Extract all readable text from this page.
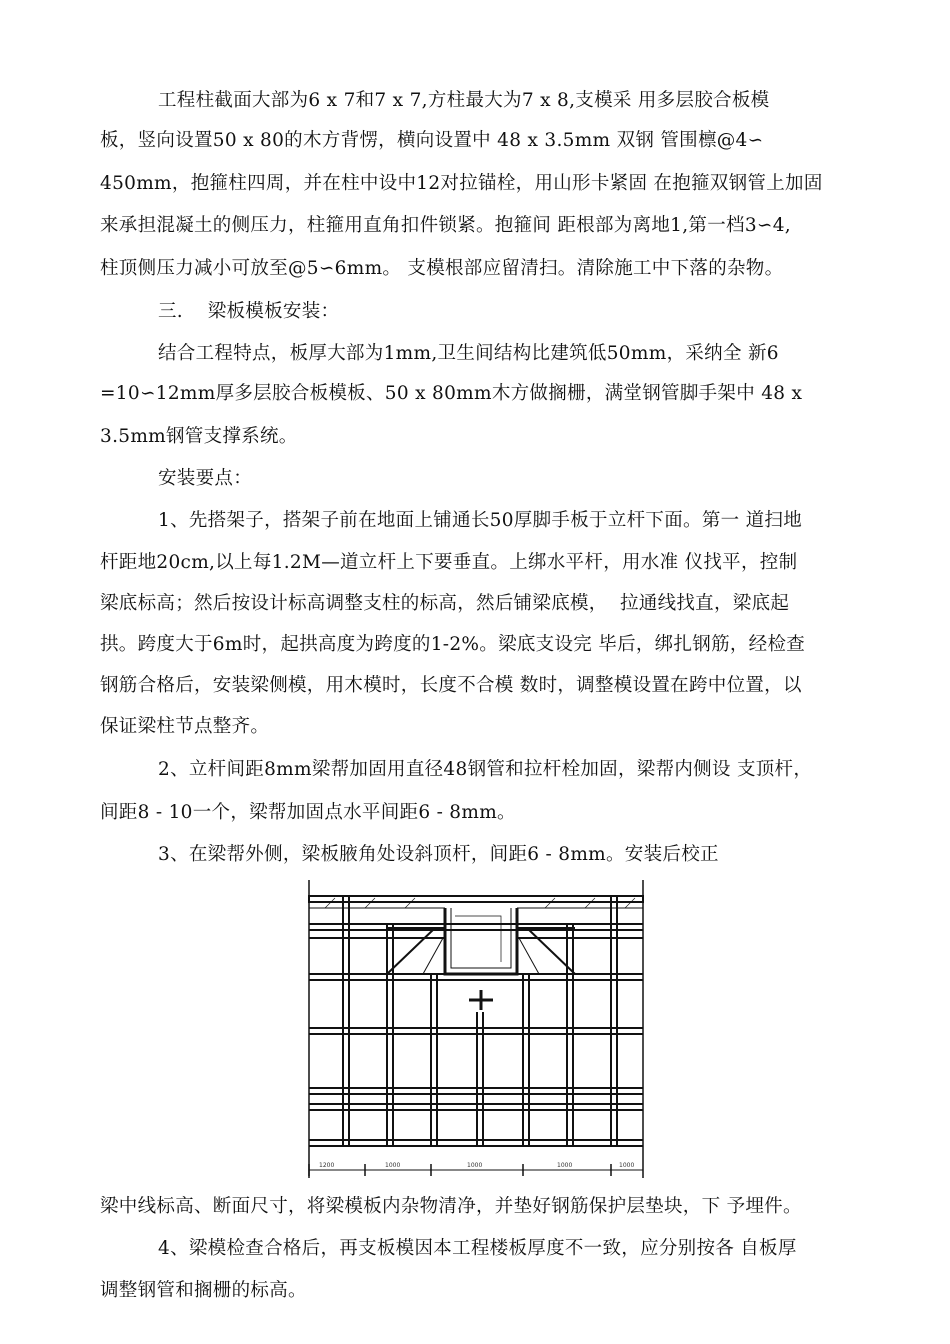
工程柱截面大部为6 x 7和7 x 7,方柱最大为7 x 8,支模采 用多层胶合板模
板，竖向设置50 x 80的木方背愣，横向设置中 48 x 3.5mm 双钢 管围檩@4∽
450mm，抱箍柱四周，并在柱中设中12对拉锚栓，用山形卡紧固 在抱箍双钢管上加固
来承担混凝土的侧压力，柱箍用直角扣件锁紧。抱箍间 距根部为离地1,第一档3∽4,
柱顶侧压力减小可放至@5∽6mm。 支模根部应留清扫。清除施工中下落的杂物。
三.    梁板模板安装：
结合工程特点，板厚大部为1mm,卫生间结构比建筑低50mm，采纳全 新6
=10∽12mm厚多层胶合板模板、50 x 80mm木方做搁栅，满堂钢管脚手架中 48 x
3.5mm钢管支撑系统。
安装要点：
1、先搭架子，搭架子前在地面上铺通长50厚脚手板于立杆下面。第一 道扫地
杆距地20cm,以上每1.2M—道立杆上下要垂直。上绑水平杆，用水准 仪找平，控制
梁底标高；然后按设计标高调整支柱的标高，然后铺梁底模，  拉通线找直，梁底起
拱。跨度大于6m时，起拱高度为跨度的1-2%。梁底支设完 毕后，绑扎钢筋，经检查
钢筋合格后，安装梁侧模，用木模时，长度不合模 数时，调整模设置在跨中位置，以
保证梁柱节点整齐。
2、立杆间距8mm梁帮加固用直径48钢管和拉杆栓加固，梁帮内侧设 支顶杆，
间距8 - 10一个，梁帮加固点水平间距6 - 8mm。
3、在梁帮外侧，梁板腋角处设斜顶杆，间距6 - 8mm。安装后校正
1200	1000	1000	1000	1000
梁中线标高、断面尺寸，将梁模板内杂物清净，并垫好钢筋保护层垫块，下 予埋件。
4、梁模检查合格后，再支板模因本工程楼板厚度不一致，应分别按各 自板厚
调整钢管和搁栅的标高。
